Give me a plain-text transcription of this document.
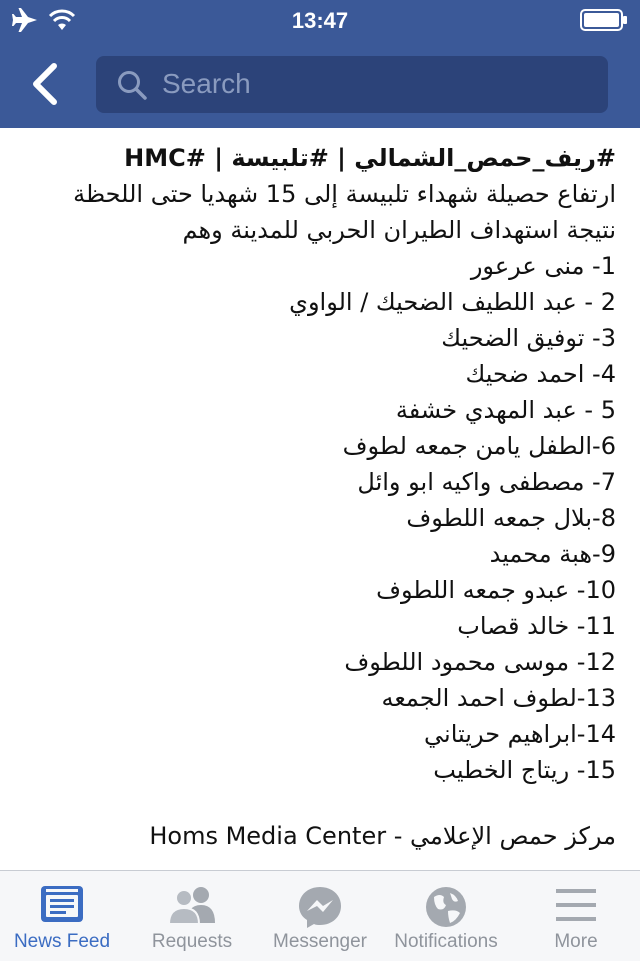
13:47
Search
#ريف_حمص_الشمالي | #تلبيسة | #HMC
ارتفاع حصيلة شهداء تلبيسة إلى 15 شهديا حتى اللحظة
نتيجة استهداف الطيران الحربي للمدينة وهم
1- منى عرعور
2 - عبد اللطيف الضحيك / الواوي
3- توفيق الضحيك
4- احمد ضحيك
5 - عبد المهدي خشفة
6-الطفل يامن جمعه لطوف
7- مصطفى واكيه ابو وائل
8-بلال جمعه اللطوف
9-هبة محميد
10- عبدو جمعه اللطوف
11- خالد قصاب
12- موسى محمود اللطوف
13-لطوف احمد الجمعه
14-ابراهيم حريتاني
15- ريتاج الخطيب
مركز حمص الإعلامي - Homs Media Center
News Feed	Requests	Messenger	Notifications	More
